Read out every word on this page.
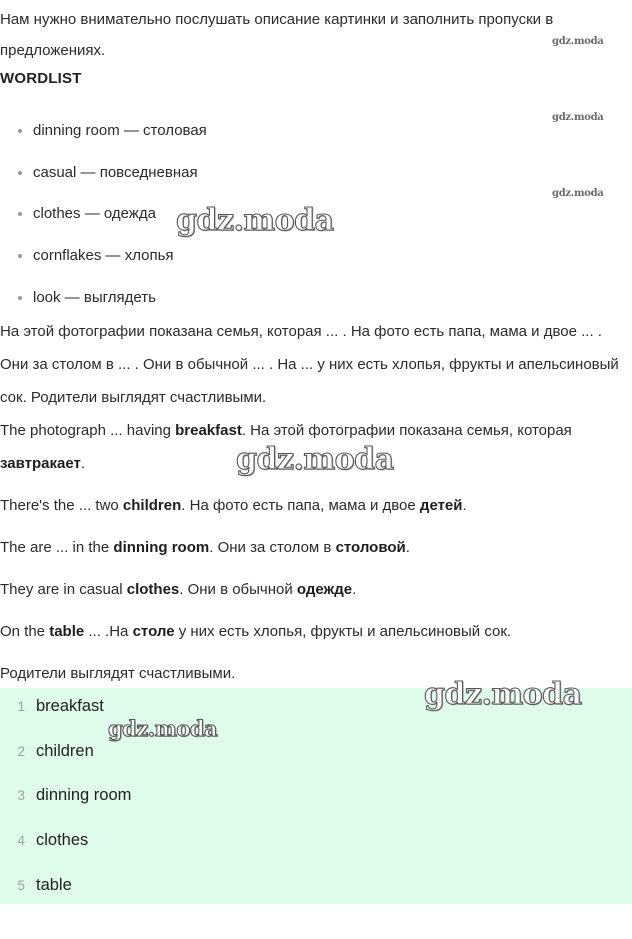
Нам нужно внимательно послушать описание картинки и заполнить пропуски в предложениях.

WORDLIST
dinning room — столовая
casual — повседневная
clothes — одежда
cornflakes — хлопья
look — выглядеть

На этой фотографии показана семья, которая ... . На фото есть папа, мама и двое ... . Они за столом в ... . Они в обычной ... . На ... у них есть хлопья, фрукты и апельсиновый сок. Родители выглядят счастливыми.

The photograph ... having breakfast. На этой фотографии показана семья, которая завтракает.

There's the ... two children. На фото есть папа, мама и двое детей.

The are ... in the dinning room. Они за столом в столовой.

They are in casual clothes. Они в обычной одежде.

On the table ... .На столе у них есть хлопья, фрукты и апельсиновый сок.

Родители выглядят счастливыми.

1 breakfast
2 children
3 dinning room
4 clothes
5 table
gdz.moda
gdz.moda
gdz.moda
gdz.moda
gdz.moda
gdz.moda
gdz.moda
